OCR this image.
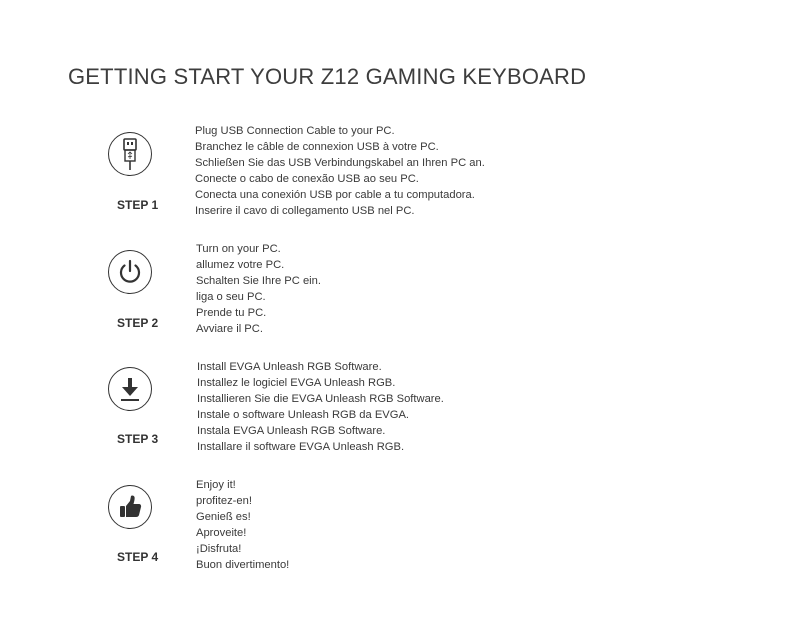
GETTING START YOUR Z12 GAMING KEYBOARD
STEP 1
Plug USB Connection Cable to your PC.
Branchez le câble de connexion USB à votre PC.
Schließen Sie das USB Verbindungskabel an Ihren PC an.
Conecte o cabo de conexão USB ao seu PC.
Conecta una conexión USB por cable a tu computadora.
Inserire il cavo di collegamento USB nel PC.
STEP 2
Turn on your PC.
allumez votre PC.
Schalten Sie Ihre PC ein.
liga o seu PC.
Prende tu PC.
Avviare il PC.
STEP 3
Install EVGA Unleash RGB Software.
Installez le logiciel EVGA Unleash RGB.
Installieren Sie die EVGA Unleash RGB Software.
Instale o software Unleash RGB da EVGA.
Instala EVGA Unleash RGB Software.
Installare il software EVGA Unleash RGB.
STEP 4
Enjoy it!
profitez-en!
Genieß es!
Aproveite!
¡Disfruta!
Buon divertimento!
